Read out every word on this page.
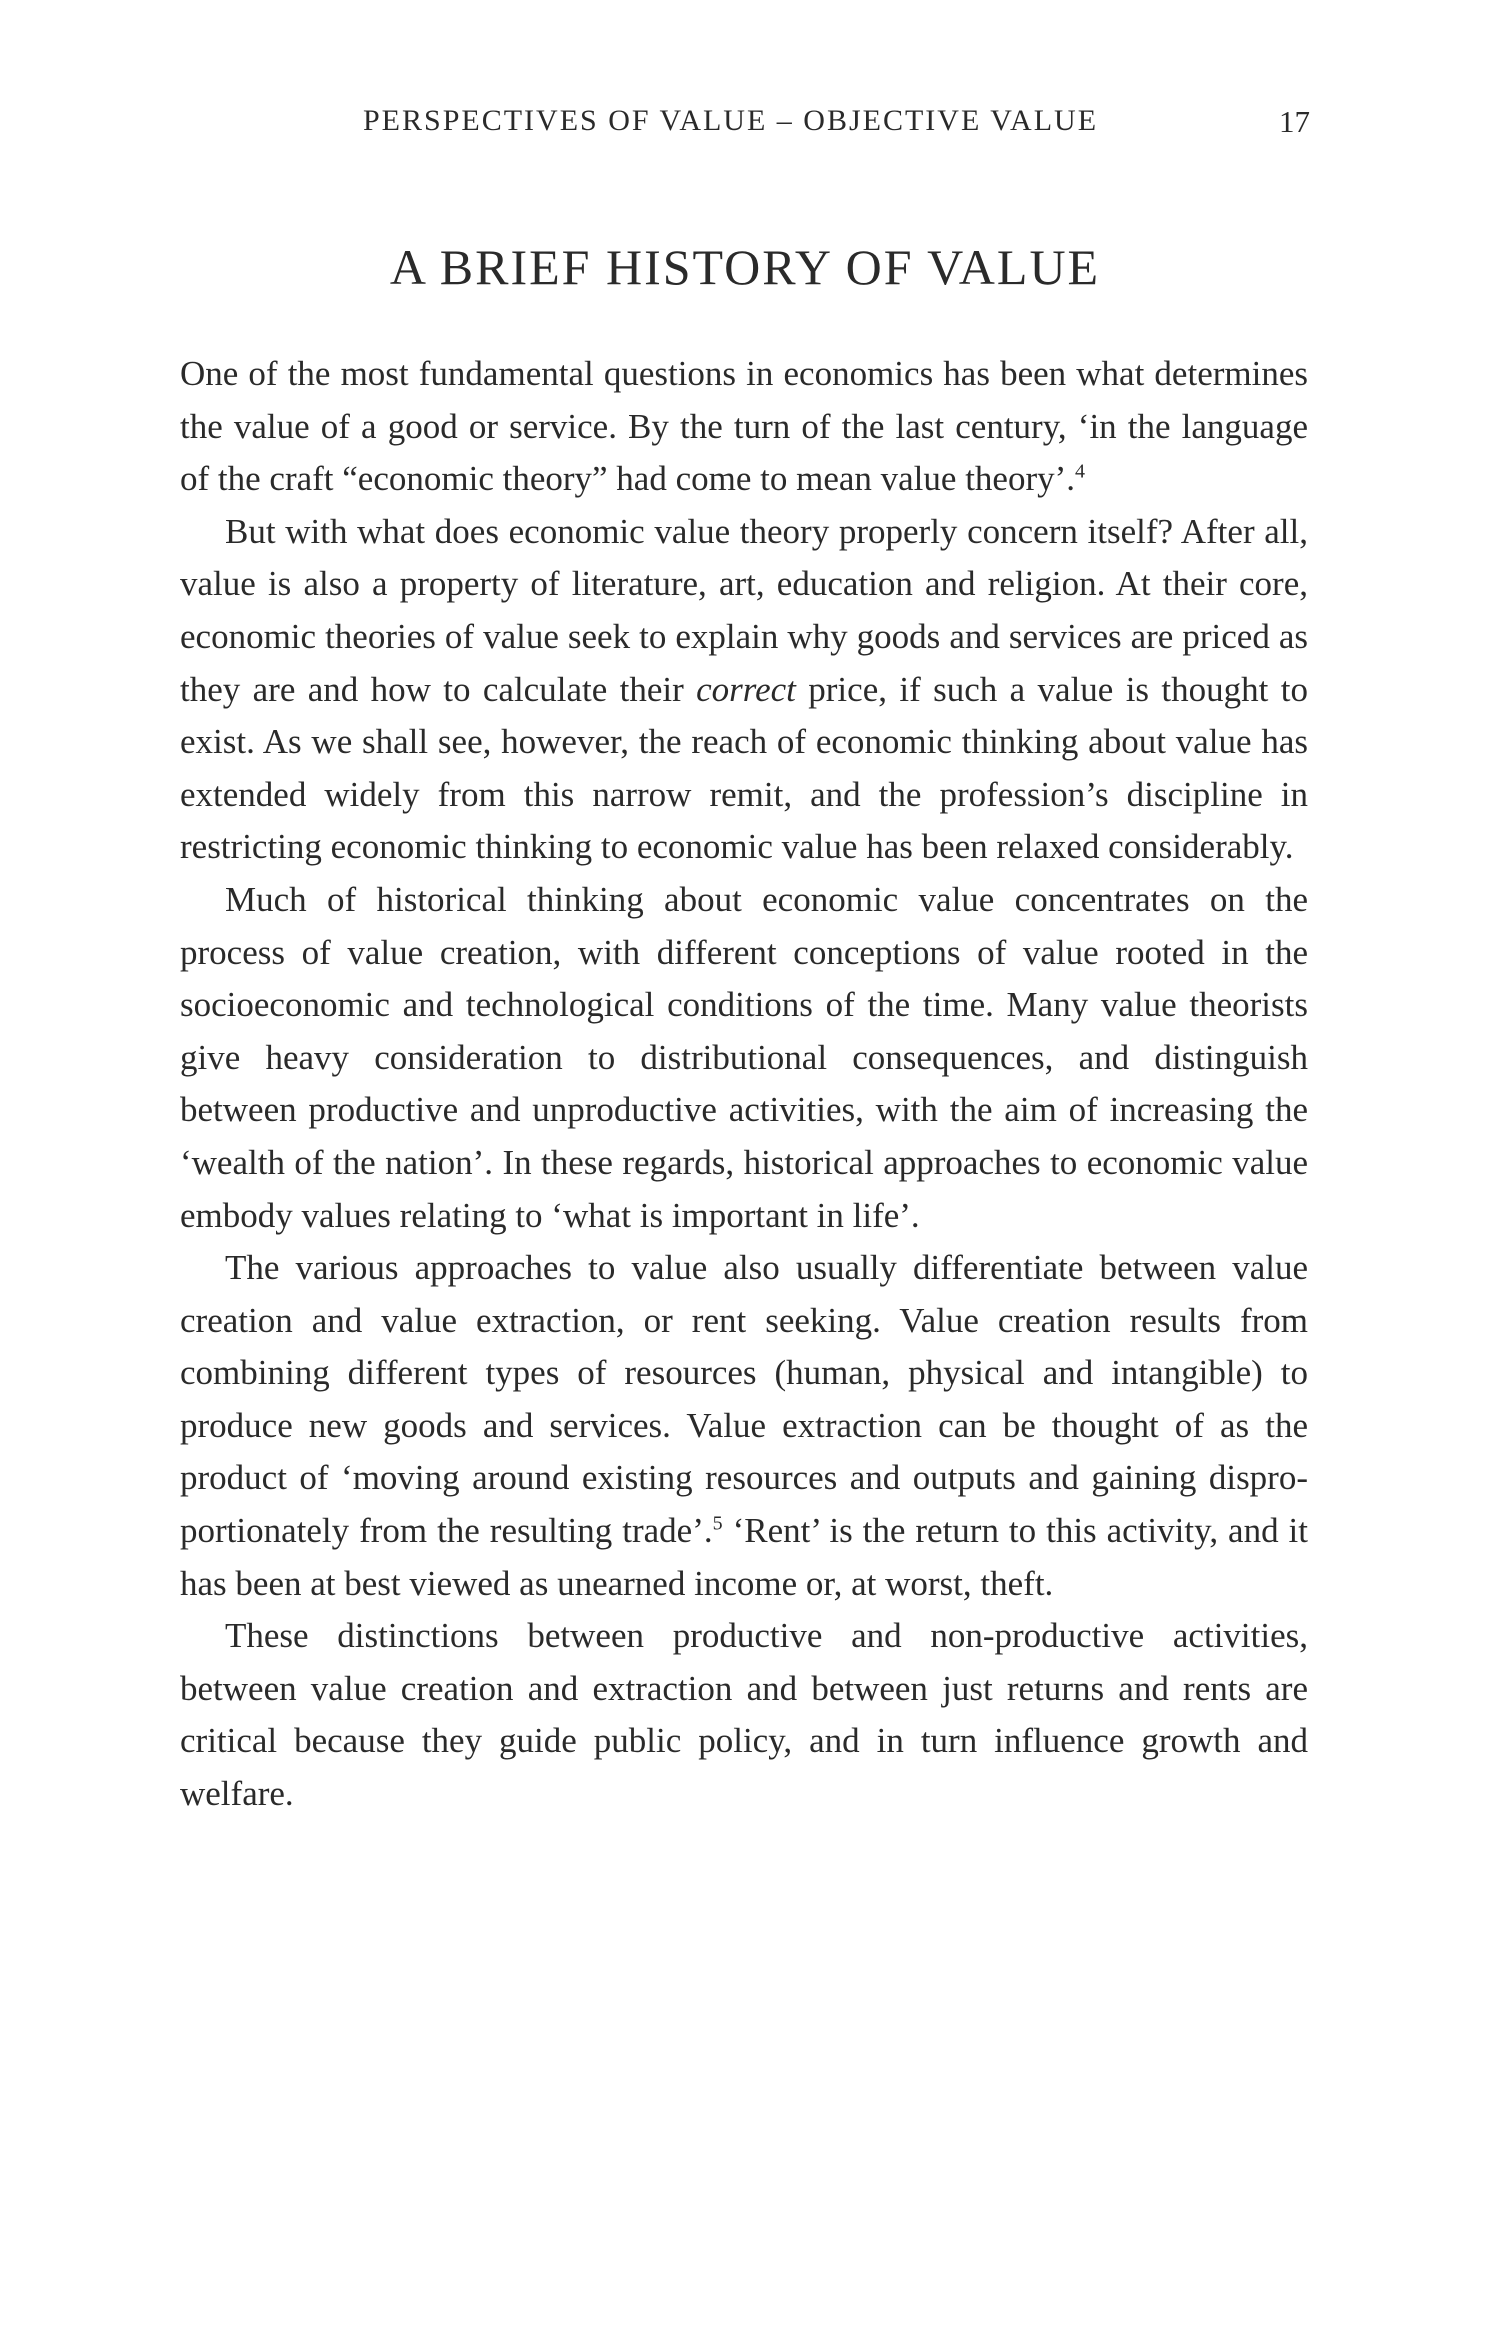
PERSPECTIVES OF VALUE – OBJECTIVE VALUE	17
A BRIEF HISTORY OF VALUE

One of the most fundamental questions in economics has been what determines the value of a good or service. By the turn of the last century, ‘in the language of the craft “economic theory” had come to mean value theory’.$^4$

But with what does economic value theory properly concern itself? After all, value is also a property of literature, art, education and religion. At their core, economic theories of value seek to explain why goods and services are priced as they are and how to calculate their correct price, if such a value is thought to exist. As we shall see, however, the reach of economic thinking about value has extended widely from this narrow remit, and the profession’s discipline in restricting economic thinking to economic value has been relaxed considerably.

Much of historical thinking about economic value concentrates on the process of value creation, with different conceptions of value rooted in the socioeconomic and technological conditions of the time. Many value theorists give heavy consideration to distributional consequences, and distinguish between productive and unproductive activities, with the aim of increasing the ‘wealth of the nation’. In these regards, historical approaches to economic value embody values relating to ‘what is important in life’.

The various approaches to value also usually differentiate between value creation and value extraction, or rent seeking. Value creation results from combining different types of resources (human, physical and intangible) to produce new goods and services. Value extraction can be thought of as the product of ‘moving around existing resources and outputs and gaining disproportionately from the resulting trade’.$^5$ ‘Rent’ is the return to this activity, and it has been at best viewed as unearned income or, at worst, theft.

These distinctions between productive and non-productive activities, between value creation and extraction and between just returns and rents are critical because they guide public policy, and in turn influence growth and welfare.
